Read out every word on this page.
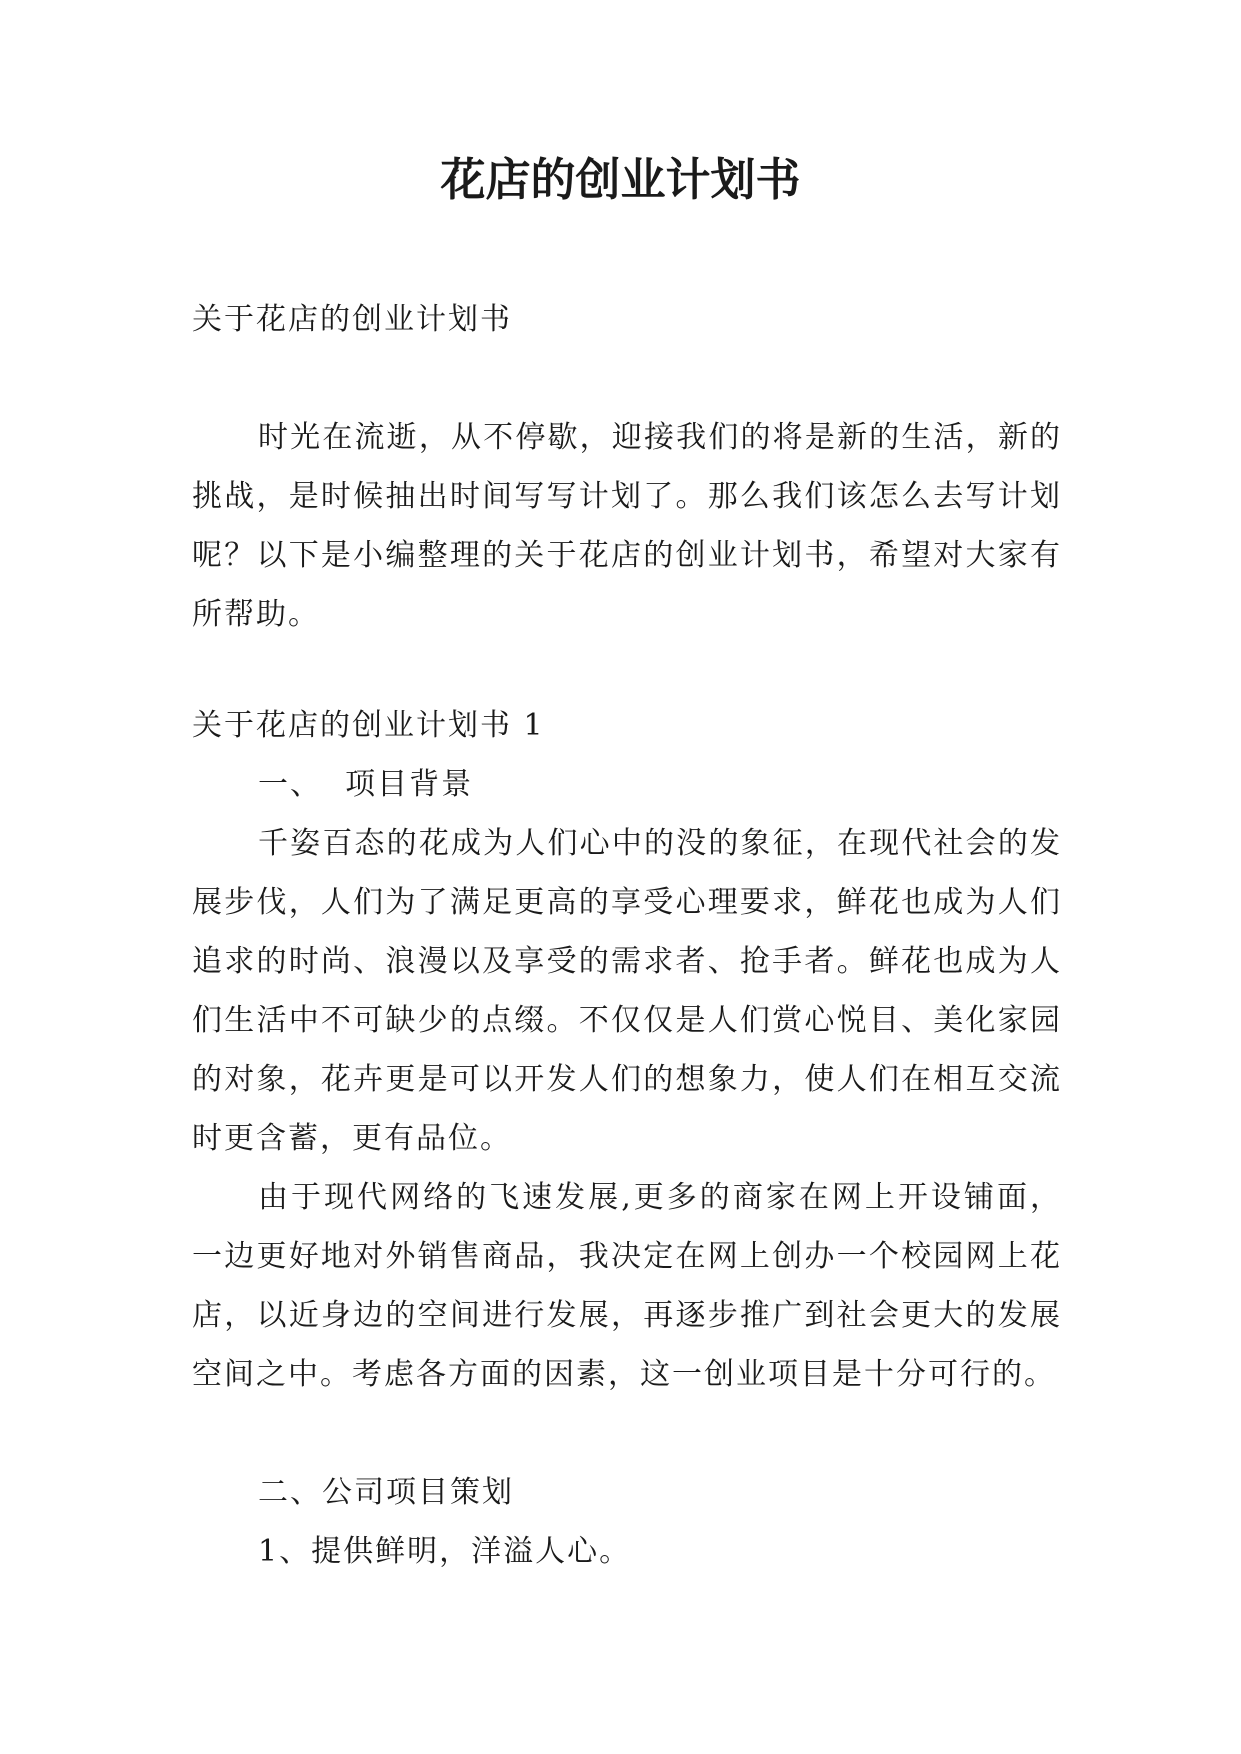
花店的创业计划书

关于花店的创业计划书

时光在流逝，从不停歇，迎接我们的将是新的生活，新的挑战，是时候抽出时间写写计划了。那么我们该怎么去写计划呢？以下是小编整理的关于花店的创业计划书，希望对大家有所帮助。

关于花店的创业计划书 1

一、  项目背景

千姿百态的花成为人们心中的没的象征，在现代社会的发展步伐，人们为了满足更高的享受心理要求，鲜花也成为人们追求的时尚、浪漫以及享受的需求者、抢手者。鲜花也成为人们生活中不可缺少的点缀。不仅仅是人们赏心悦目、美化家园的对象，花卉更是可以开发人们的想象力，使人们在相互交流时更含蓄，更有品位。

由于现代网络的飞速发展,更多的商家在网上开设铺面，一边更好地对外销售商品，我决定在网上创办一个校园网上花店，以近身边的空间进行发展，再逐步推广到社会更大的发展空间之中。考虑各方面的因素，这一创业项目是十分可行的。

二、公司项目策划

1、提供鲜明，洋溢人心。
